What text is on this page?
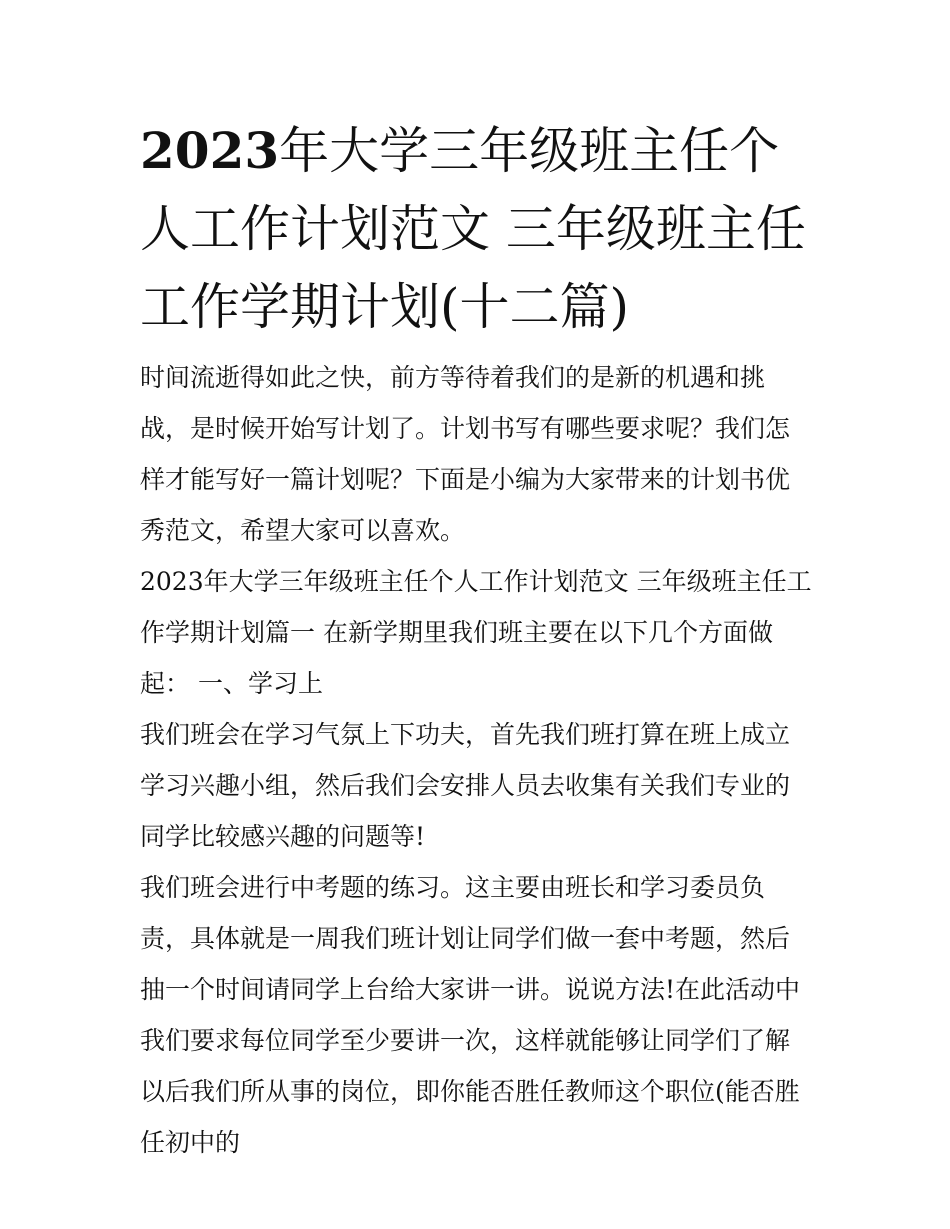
2023年大学三年级班主任个人工作计划范文 三年级班主任工作学期计划(十二篇)

时间流逝得如此之快，前方等待着我们的是新的机遇和挑战，是时候开始写计划了。计划书写有哪些要求呢？我们怎样才能写好一篇计划呢？下面是小编为大家带来的计划书优秀范文，希望大家可以喜欢。

2023年大学三年级班主任个人工作计划范文 三年级班主任工作学期计划篇一 在新学期里我们班主要在以下几个方面做起： 一、学习上

我们班会在学习气氛上下功夫，首先我们班打算在班上成立学习兴趣小组，然后我们会安排人员去收集有关我们专业的同学比较感兴趣的问题等!

我们班会进行中考题的练习。这主要由班长和学习委员负责，具体就是一周我们班计划让同学们做一套中考题，然后抽一个时间请同学上台给大家讲一讲。说说方法!在此活动中我们要求每位同学至少要讲一次，这样就能够让同学们了解以后我们所从事的岗位，即你能否胜任教师这个职位(能否胜任初中的
